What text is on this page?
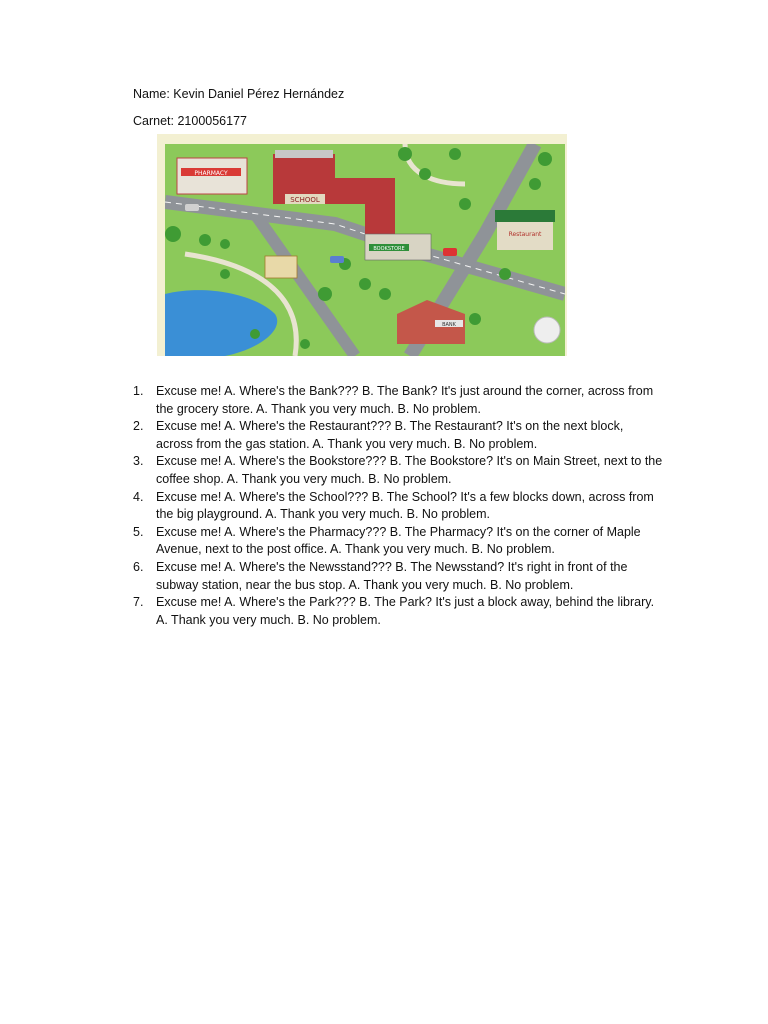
Name: Kevin Daniel Pérez Hernández
Carnet: 2100056177
PHARMACY
SCHOOL
BOOKSTORE
Restaurant
BANK
1. Excuse me! A. Where's the Bank??? B. The Bank? It's just around the corner, across from the grocery store. A. Thank you very much. B. No problem.
2. Excuse me! A. Where's the Restaurant??? B. The Restaurant? It's on the next block, across from the gas station. A. Thank you very much. B. No problem.
3. Excuse me! A. Where's the Bookstore??? B. The Bookstore? It's on Main Street, next to the coffee shop. A. Thank you very much. B. No problem.
4. Excuse me! A. Where's the School??? B. The School? It's a few blocks down, across from the big playground. A. Thank you very much. B. No problem.
5. Excuse me! A. Where's the Pharmacy??? B. The Pharmacy? It's on the corner of Maple Avenue, next to the post office. A. Thank you very much. B. No problem.
6. Excuse me! A. Where's the Newsstand??? B. The Newsstand? It's right in front of the subway station, near the bus stop. A. Thank you very much. B. No problem.
7. Excuse me! A. Where's the Park??? B. The Park? It's just a block away, behind the library. A. Thank you very much. B. No problem.
